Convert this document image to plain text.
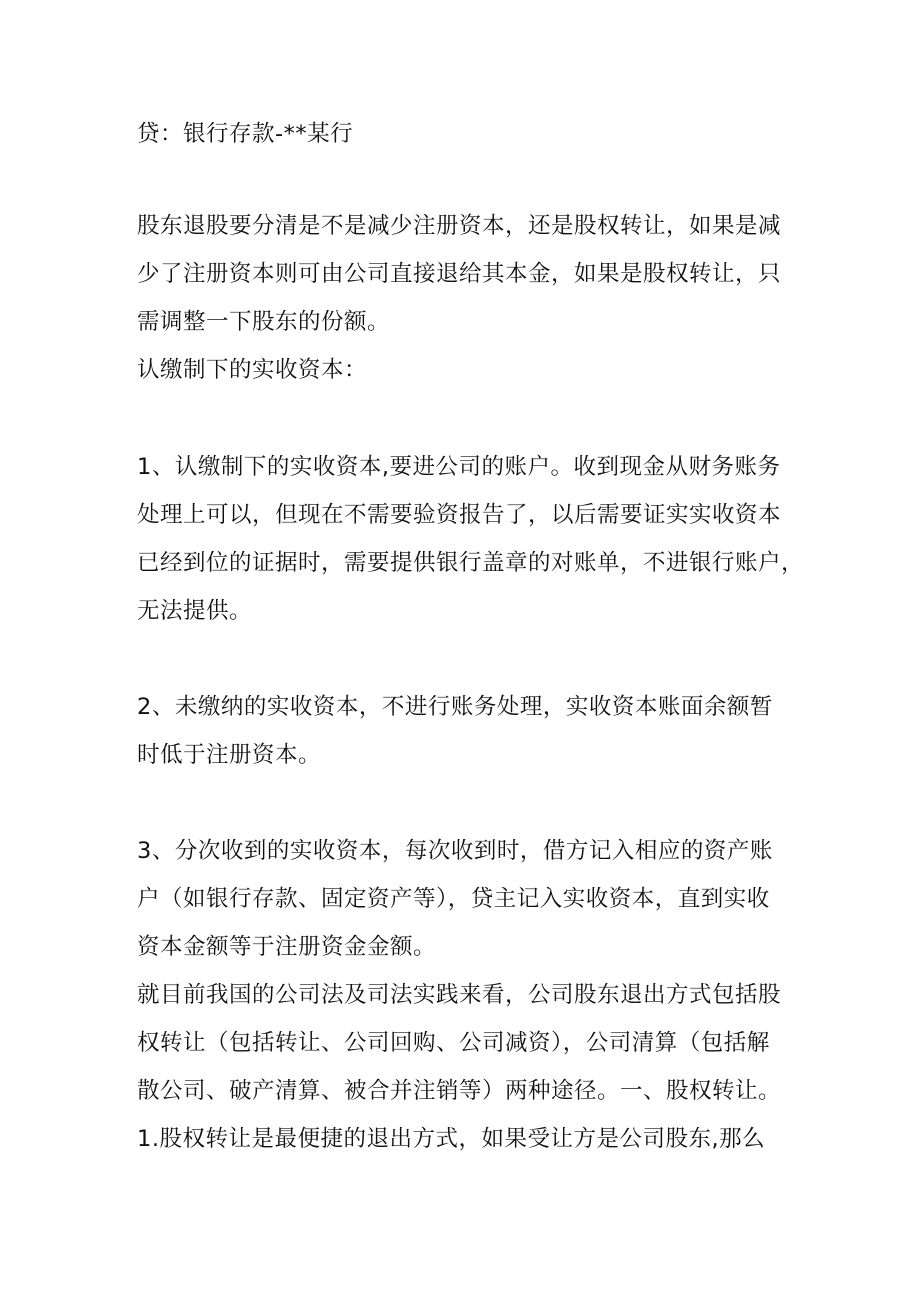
贷：银行存款-**某行

股东退股要分清是不是减少注册资本，还是股权转让，如果是减
少了注册资本则可由公司直接退给其本金，如果是股权转让，只
需调整一下股东的份额。

认缴制下的实收资本：

1、认缴制下的实收资本,要进公司的账户。收到现金从财务账务
处理上可以，但现在不需要验资报告了，以后需要证实实收资本
已经到位的证据时，需要提供银行盖章的对账单，不进银行账户，
无法提供。

2、未缴纳的实收资本，不进行账务处理，实收资本账面余额暂
时低于注册资本。

3、分次收到的实收资本，每次收到时，借方记入相应的资产账
户（如银行存款、固定资产等），贷主记入实收资本，直到实收
资本金额等于注册资金金额。

就目前我国的公司法及司法实践来看，公司股东退出方式包括股
权转让（包括转让、公司回购、公司减资），公司清算（包括解
散公司、破产清算、被合并注销等）两种途径。一、股权转让。
1.股权转让是最便捷的退出方式，如果受让方是公司股东,那么
